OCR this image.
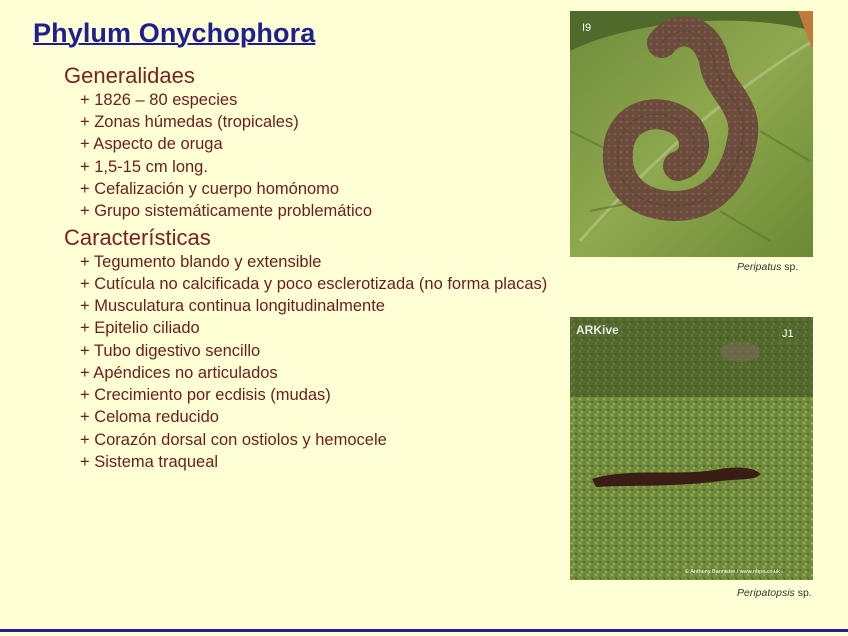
Phylum Onychophora
Generalidaes
+ 1826 – 80 especies
+ Zonas húmedas (tropicales)
+ Aspecto de oruga
+ 1,5-15 cm long.
+ Cefalización y cuerpo homónomo
+ Grupo sistemáticamente problemático
Características
+ Tegumento blando y extensible
+ Cutícula no calcificada y poco esclerotizada (no forma placas)
+ Musculatura continua longitudinalmente
+ Epitelio ciliado
+ Tubo digestivo sencillo
+ Apéndices no articulados
+ Crecimiento por ecdisis (mudas)
+ Celoma reducido
+ Corazón dorsal con ostiolos y hemocele
+ Sistema traqueal
I9
Peripatus sp.
ARKive	J1
© Anthony Bannister / www.nhpa.co.uk
Peripatopsis sp.
